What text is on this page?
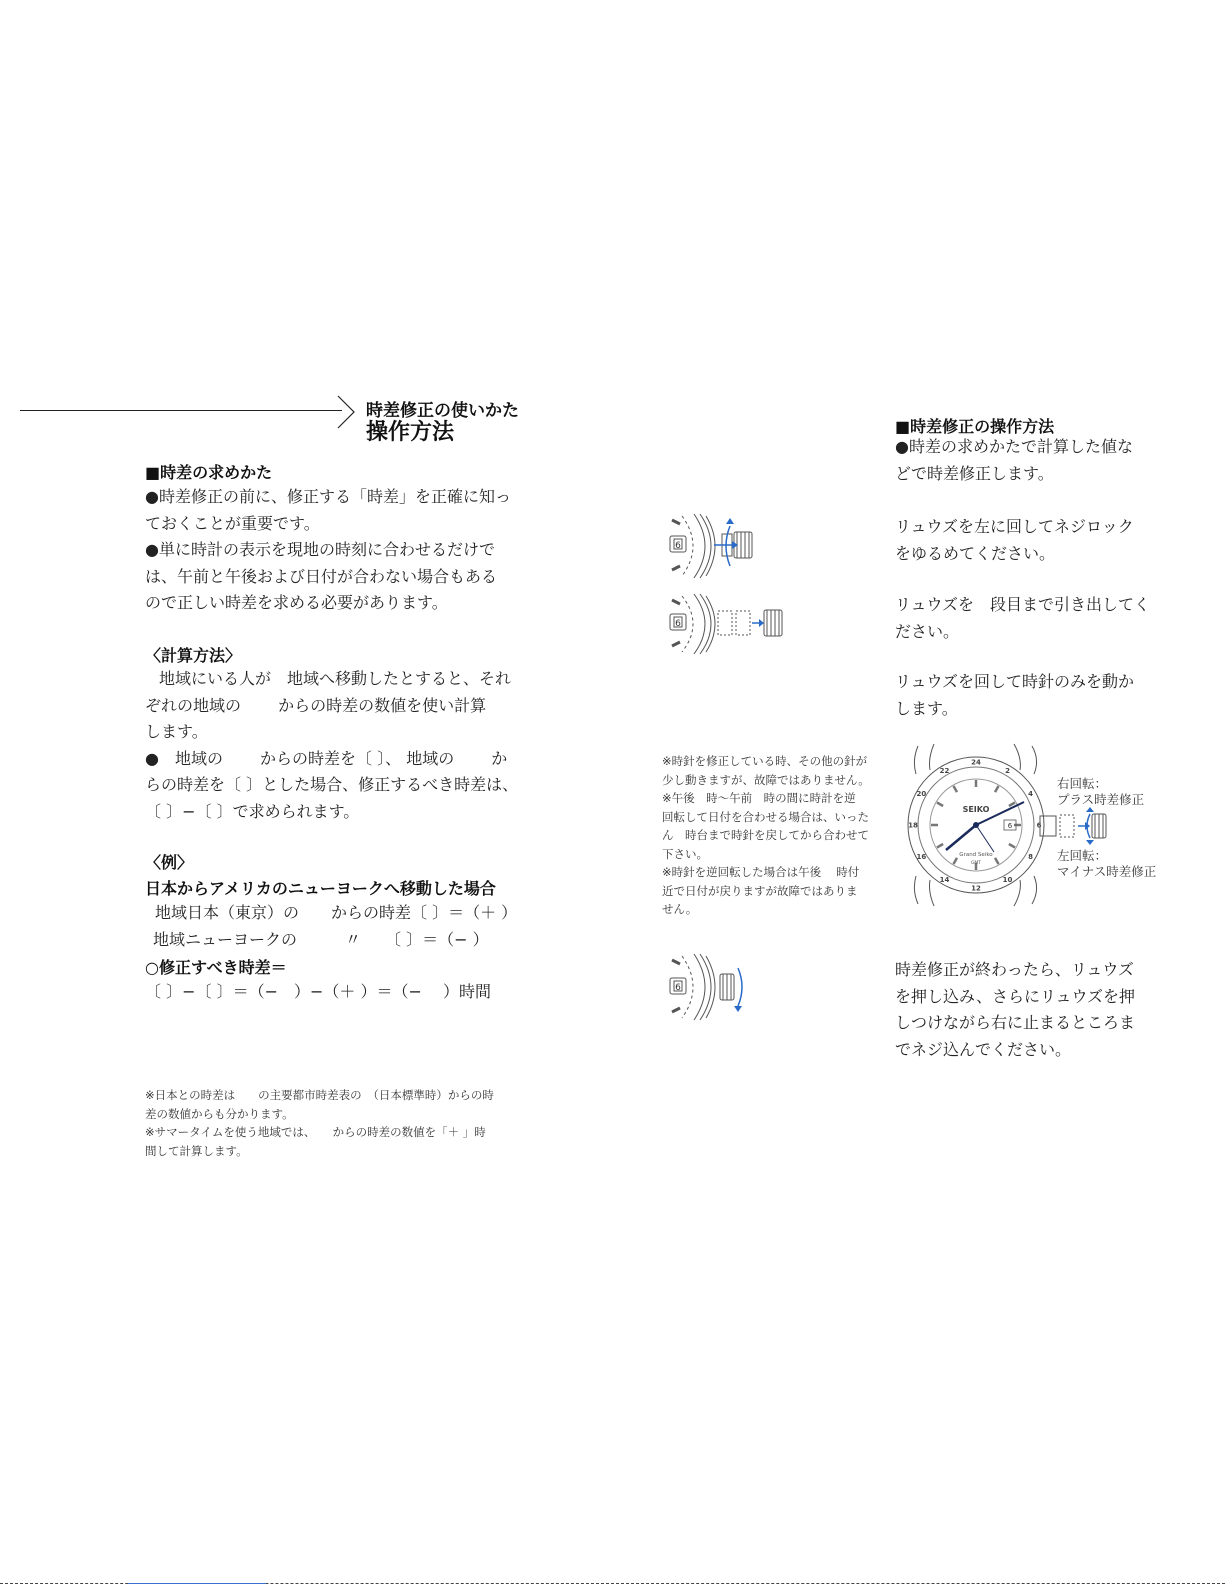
時差修正の使いかた
操作方法
■時差の求めかた
●時差修正の前に、修正する「時差」を正確に知っ
ておくことが重要です。
●単に時計の表示を現地の時刻に合わせるだけで
は、午前と午後および日付が合わない場合もある
ので正しい時差を求める必要があります。
〈計算方法〉
地域にいる人が　地域へ移動したとすると、それ
ぞれの地域の　　 からの時差の数値を使い計算
します。
●　地域の　　 からの時差を〔 〕、 地域の　　 か
らの時差を〔 〕とした場合、修正するべき時差は、
〔 〕−〔 〕で求められます。
〈例〉
日本からアメリカのニューヨークへ移動した場合
地域日本（東京）の　　からの時差〔 〕＝（＋ ）
地域ニューヨークの　　　〃　　〔 〕＝（− ）
○修正すべき時差＝
〔 〕−〔 〕＝（−　）−（＋ ）＝（−　 ）時間
※日本との時差は　　の主要都市時差表の　（日本標準時）からの時
差の数値からも分かります。
※サマータイムを使う地域では、　　からの時差の数値を「＋ 」時
間して計算します。
■時差修正の操作方法
●時差の求めかたで計算した値な
どで時差修正します。
6
リュウズを左に回してネジロック
をゆるめてください。
6
リュウズを　段目まで引き出してく
ださい。
リュウズを回して時針のみを動か
します。
※時針を修正している時、その他の針が
少し動きますが、故障ではありません。
※午後　時〜午前　時の間に時計を逆
回転して日付を合わせる場合は、いった
ん　時台まで時針を戻してから合わせて
下さい。
※時針を逆回転した場合は午後　 時付
近で日付が戻りますが故障ではありま
せん。
24
2
4
6
8
10
12
14
16
18
20
22
SEIKO
Grand Seiko
GMT
6
右回転：
プラス時差修正
左回転：
マイナス時差修正
6
時差修正が終わったら、リュウズ
を押し込み、さらにリュウズを押
しつけながら右に止まるところま
でネジ込んでください。
